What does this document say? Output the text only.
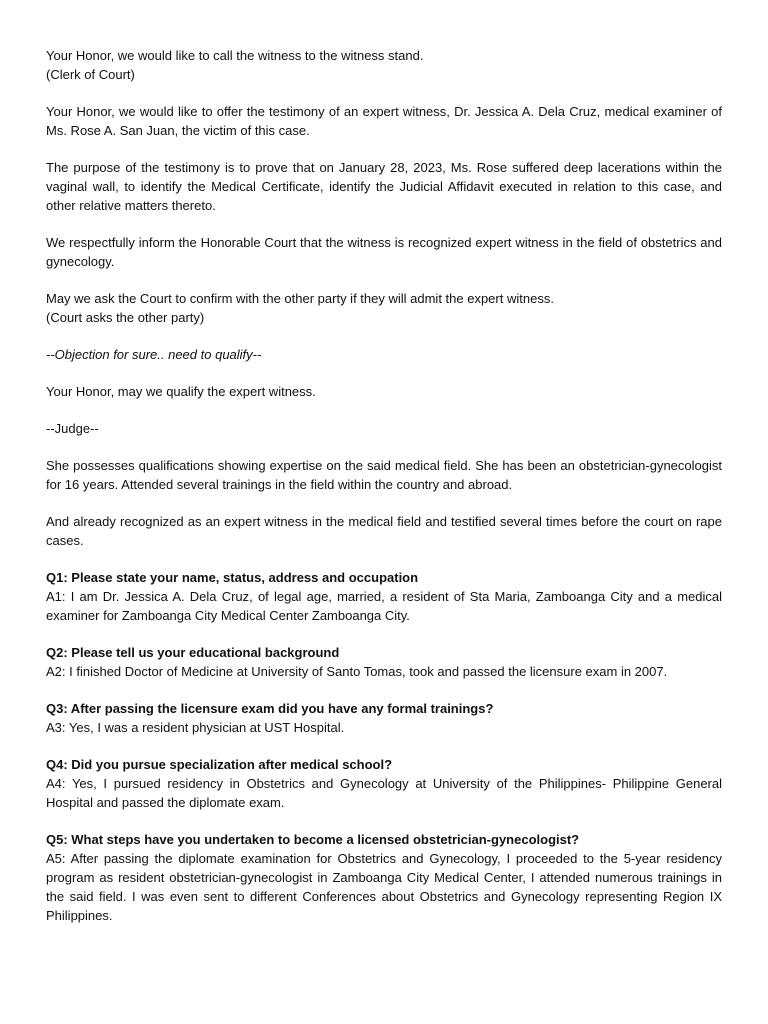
Your Honor, we would like to call the witness to the witness stand.
(Clerk of Court)

Your Honor, we would like to offer the testimony of an expert witness, Dr. Jessica A. Dela Cruz, medical examiner of Ms. Rose A. San Juan, the victim of this case.

The purpose of the testimony is to prove that on January 28, 2023, Ms. Rose suffered deep lacerations within the vaginal wall, to identify the Medical Certificate, identify the Judicial Affidavit executed in relation to this case, and other relative matters thereto.

We respectfully inform the Honorable Court that the witness is recognized expert witness in the field of obstetrics and gynecology.

May we ask the Court to confirm with the other party if they will admit the expert witness.
(Court asks the other party)

--Objection for sure.. need to qualify--

Your Honor, may we qualify the expert witness.

--Judge--

She possesses qualifications showing expertise on the said medical field. She has been an obstetrician-gynecologist for 16 years. Attended several trainings in the field within the country and abroad.

And already recognized as an expert witness in the medical field and testified several times before the court on rape cases.

Q1: Please state your name, status, address and occupation
A1: I am Dr. Jessica A. Dela Cruz, of legal age, married, a resident of Sta Maria, Zamboanga City and a medical examiner for Zamboanga City Medical Center Zamboanga City.
Q2: Please tell us your educational background
A2: I finished Doctor of Medicine at University of Santo Tomas, took and passed the licensure exam in 2007.
Q3: After passing the licensure exam did you have any formal trainings?
A3: Yes, I was a resident physician at UST Hospital.
Q4: Did you pursue specialization after medical school?
A4: Yes, I pursued residency in Obstetrics and Gynecology at University of the Philippines- Philippine General Hospital and passed the diplomate exam.
Q5: What steps have you undertaken to become a licensed obstetrician-gynecologist?
A5: After passing the diplomate examination for Obstetrics and Gynecology, I proceeded to the 5-year residency program as resident obstetrician-gynecologist in Zamboanga City Medical Center, I attended numerous trainings in the said field. I was even sent to different Conferences about Obstetrics and Gynecology representing Region IX Philippines.
